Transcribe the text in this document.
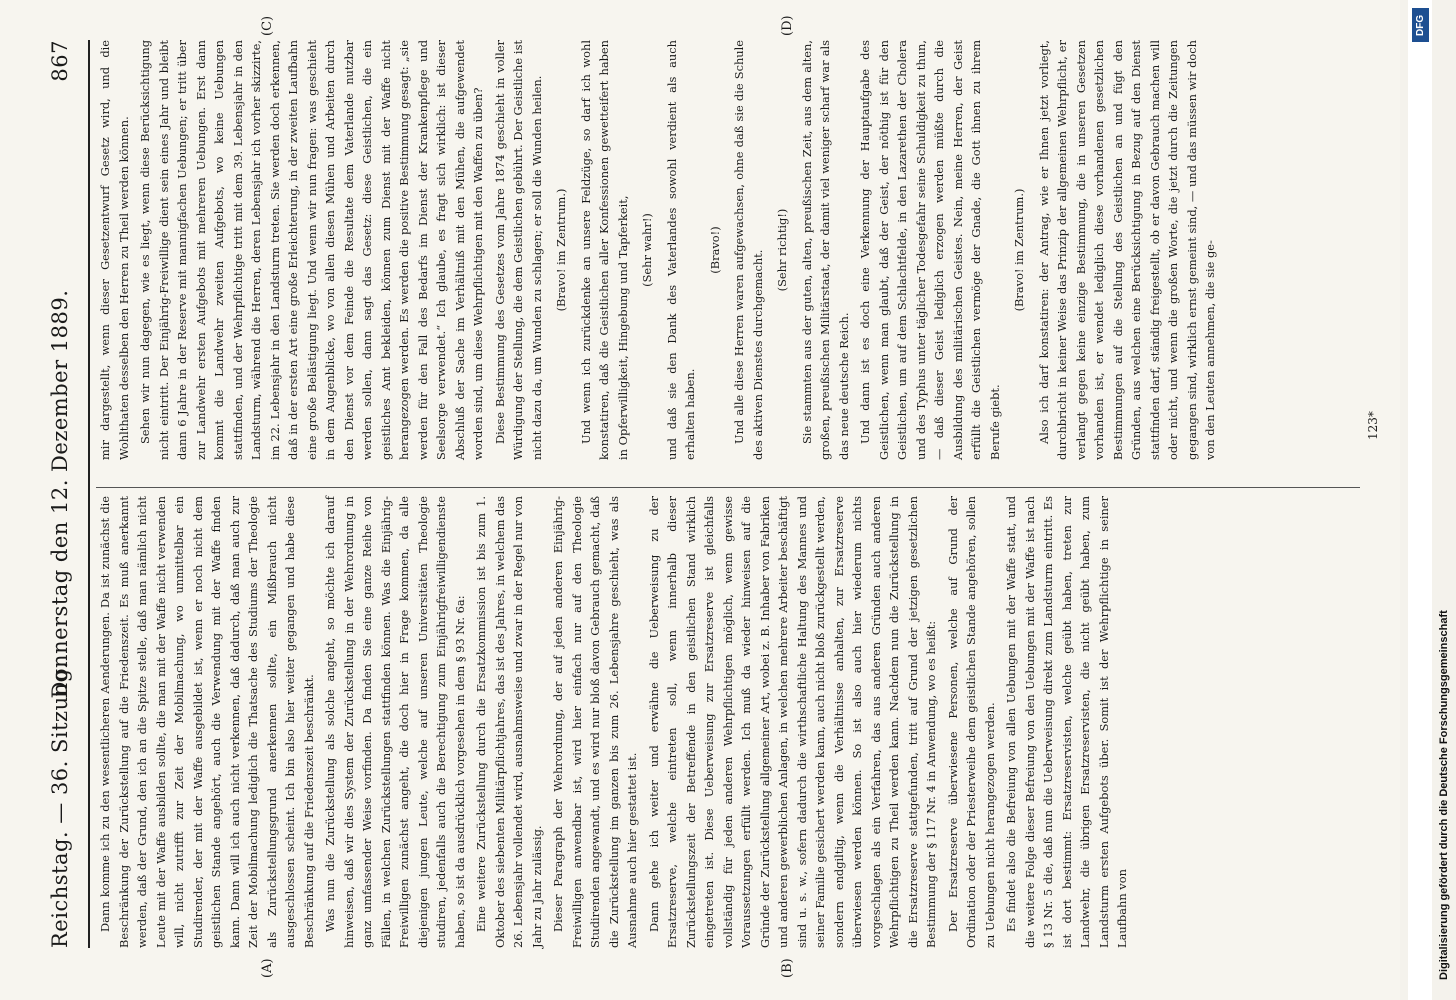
Reichstag. — 36. Sitzung.
Donnerstag den 12. Dezember 1889.
867
(A)	(B)
(C)	(D)

Dann komme ich zu den wesentlicheren Aenderungen. Da ist zunächst die Beschränkung der Zurückstellung auf die Friedenszeit. Es muß anerkannt werden, daß der Grund, den ich an die Spitze stelle, daß man nämlich nicht Leute mit der Waffe ausbilden sollte, die man mit der Waffe nicht verwenden will, nicht zutrifft zur Zeit der Mobilmachung, wo unmittelbar ein Studirender, der mit der Waffe ausgebildet ist, wenn er noch nicht dem geistlichen Stande angehört, auch die Verwendung mit der Waffe finden kann. Dann will ich auch nicht verkennen, daß dadurch, daß man auch zur Zeit der Mobilmachung lediglich die Thatsache des Studiums der Theologie als Zurückstellungsgrund anerkennen sollte, ein Mißbrauch nicht ausgeschlossen scheint. Ich bin also hier weiter gegangen und habe diese Beschränkung auf die Friedenszeit beschränkt. Was nun die Zurückstellung als solche angeht, so möchte ich darauf hinweisen, daß wir dies System der Zurückstellung in der Wehrordnung in ganz umfassender Weise vorfinden. Da finden Sie eine ganze Reihe von Fällen, in welchen Zurückstellungen stattfinden können. Was die Einjährig-Freiwilligen zunächst angeht, die doch hier in Frage kommen, da alle diejenigen jungen Leute, welche auf unseren Universitäten Theologie studiren, jedenfalls auch die Berechtigung zum Einjährigfreiwilligendienste haben, so ist da ausdrücklich vorgesehen in dem § 93 Nr. 6a: Eine weitere Zurückstellung durch die Ersatzkommission ist bis zum 1. Oktober des siebenten Militärpflichtjahres, das ist des Jahres, in welchem das 26. Lebensjahr vollendet wird, ausnahmsweise und zwar in der Regel nur von Jahr zu Jahr zulässig. Dieser Paragraph der Wehrordnung, der auf jeden anderen Einjährig-Freiwilligen anwendbar ist, wird hier einfach nur auf den Theologie Studirenden angewandt, und es wird nur bloß davon Gebrauch gemacht, daß die Zurückstellung im ganzen bis zum 26. Lebensjahre geschieht, was als Ausnahme auch hier gestattet ist. Dann gehe ich weiter und erwähne die Ueberweisung zu der Ersatzreserve, welche eintreten soll, wenn innerhalb dieser Zurückstellungszeit der Betreffende in den geistlichen Stand wirklich eingetreten ist. Diese Ueberweisung zur Ersatzreserve ist gleichfalls vollständig für jeden anderen Wehrpflichtigen möglich, wenn gewisse Voraussetzungen erfüllt werden. Ich muß da wieder hinweisen auf die Gründe der Zurückstellung allgemeiner Art, wobei z. B. Inhaber von Fabriken und anderen gewerblichen Anlagen, in welchen mehrere Arbeiter beschäftigt sind u. s. w., sofern dadurch die wirthschaftliche Haltung des Mannes und seiner Familie gesichert werden kann, auch nicht bloß zurückgestellt werden, sondern endgiltig, wenn die Verhältnisse anhalten, zur Ersatzreserve überwiesen werden können. So ist also auch hier wiederum nichts vorgeschlagen als ein Verfahren, das aus anderen Gründen auch anderen Wehrpflichtigen zu Theil werden kann. Nachdem nun die Zurückstellung in die Ersatzreserve stattgefunden, tritt auf Grund der jetzigen gesetzlichen Bestimmung der § 117 Nr. 4 in Anwendung, wo es heißt: Der Ersatzreserve überwiesene Personen, welche auf Grund der Ordination oder der Priesterweihe dem geistlichen Stande angehören, sollen zu Uebungen nicht herangezogen werden. Es findet also die Befreiung von allen Uebungen mit der Waffe statt, und die weitere Folge dieser Befreiung von den Uebungen mit der Waffe ist nach § 13 Nr. 5 die, daß nun die Ueberweisung direkt zum Landsturm eintritt. Es ist dort bestimmt: Ersatzreservisten, welche geübt haben, treten zur Landwehr, die übrigen Ersatzreservisten, die nicht geübt haben, zum Landsturm ersten Aufgebots über. Somit ist der Wehrpflichtige in seiner Laufbahn von

mir dargestellt, wenn dieser Gesetzentwurf Gesetz wird, und die Wohlthaten desselben den Herren zu Theil werden können. Sehen wir nun dagegen, wie es liegt, wenn diese Berücksichtigung nicht eintritt. Der Einjährig-Freiwillige dient sein eines Jahr und bleibt dann 6 Jahre in der Reserve mit mannigfachen Uebungen; er tritt über zur Landwehr ersten Aufgebots mit mehreren Uebungen. Erst dann kommt die Landwehr zweiten Aufgebots, wo keine Uebungen stattfinden, und der Wehrpflichtige tritt mit dem 39. Lebensjahr in den Landsturm, während die Herren, deren Lebensjahr ich vorher skizzirte, im 22. Lebensjahr in den Landsturm treten. Sie werden doch erkennen, daß in der ersten Art eine große Erleichterung, in der zweiten Laufbahn eine große Belästigung liegt. Und wenn wir nun fragen: was geschieht in dem Augenblicke, wo von allen diesen Mühen und Arbeiten durch den Dienst vor dem Feinde die Resultate dem Vaterlande nutzbar werden sollen, dann sagt das Gesetz: diese Geistlichen, die ein geistliches Amt bekleiden, können zum Dienst mit der Waffe nicht herangezogen werden. Es werden die positive Bestimmung gesagt: „sie werden für den Fall des Bedarfs im Dienst der Krankenpflege und Seelsorge verwendet.“ Ich glaube, es fragt sich wirklich: ist dieser Abschluß der Sache im Verhältniß mit den Mühen, die aufgewendet worden sind, um diese Wehrpflichtigen mit den Waffen zu üben? Diese Bestimmung des Gesetzes vom Jahre 1874 geschieht in voller Würdigung der Stellung, die dem Geistlichen gebührt. Der Geistliche ist nicht dazu da, um Wunden zu schlagen; er soll die Wunden heilen. (Bravo! im Zentrum.) Und wenn ich zurückdenke an unsere Feldzüge, so darf ich wohl konstatiren, daß die Geistlichen aller Konfessionen gewetteifert haben in Opferwilligkeit, Hingebung und Tapferkeit, (Sehr wahr!) und daß sie den Dank des Vaterlandes sowohl verdient als auch erhalten haben.

(Bravo!) Und alle diese Herren waren aufgewachsen, ohne daß sie die Schule des aktiven Dienstes durchgemacht. (Sehr richtig!) Sie stammten aus der guten, alten, preußischen Zeit, aus dem alten, großen, preußischen Militärstaat, der damit viel weniger scharf war als das neue deutsche Reich. Und dann ist es doch eine Verkennung der Hauptaufgabe des Geistlichen, wenn man glaubt, daß der Geist, der nöthig ist für den Geistlichen, um auf dem Schlachtfelde, in den Lazarethen der Cholera und des Typhus unter täglicher Todesgefahr seine Schuldigkeit zu thun, — daß dieser Geist lediglich erzogen werden müßte durch die Ausbildung des militärischen Geistes. Nein, meine Herren, der Geist erfüllt die Geistlichen vermöge der Gnade, die Gott ihnen zu ihrem Berufe giebt.

(Bravo! im Zentrum.) Also ich darf konstatiren: der Antrag, wie er Ihnen jetzt vorliegt, durchbricht in keiner Weise das Prinzip der allgemeinen Wehrpflicht, er verlangt gegen keine einzige Bestimmung, die in unseren Gesetzen vorhanden ist, er wendet lediglich diese vorhandenen gesetzlichen Bestimmungen auf die Stellung des Geistlichen an und fügt den Gründen, aus welchen eine Berücksichtigung in Bezug auf den Dienst stattfinden darf, ständig freigestellt, ob er davon Gebrauch machen will oder nicht, und wenn die großen Worte, die jetzt durch die Zeitungen gegangen sind, wirklich ernst gemeint sind, — und das müssen wir doch von den Leuten annehmen, die sie ge-	123*
Digitalisierung gefördert durch die Deutsche Forschungsgemeinschaft
DFG
